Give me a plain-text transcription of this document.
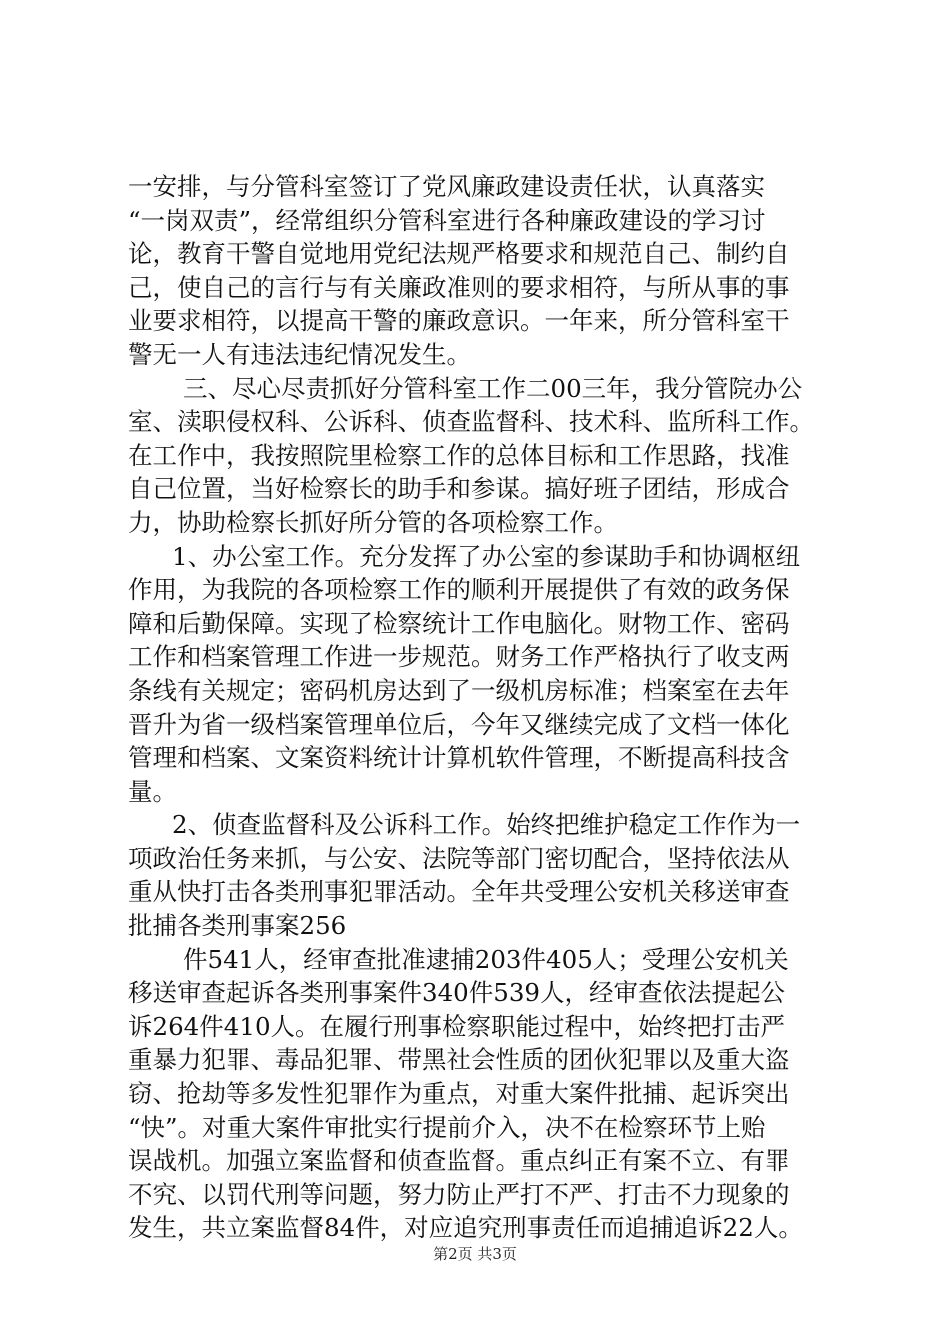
一安排，与分管科室签订了党风廉政建设责任状，认真落实
“一岗双责”，经常组织分管科室进行各种廉政建设的学习讨
论，教育干警自觉地用党纪法规严格要求和规范自己、制约自
己，使自己的言行与有关廉政准则的要求相符，与所从事的事
业要求相符，以提高干警的廉政意识。一年来，所分管科室干
警无一人有违法违纪情况发生。
三、尽心尽责抓好分管科室工作二00三年，我分管院办公
室、渎职侵权科、公诉科、侦查监督科、技术科、监所科工作。
在工作中，我按照院里检察工作的总体目标和工作思路，找准
自己位置，当好检察长的助手和参谋。搞好班子团结，形成合
力，协助检察长抓好所分管的各项检察工作。
1、办公室工作。充分发挥了办公室的参谋助手和协调枢纽
作用，为我院的各项检察工作的顺利开展提供了有效的政务保
障和后勤保障。实现了检察统计工作电脑化。财物工作、密码
工作和档案管理工作进一步规范。财务工作严格执行了收支两
条线有关规定；密码机房达到了一级机房标准；档案室在去年
晋升为省一级档案管理单位后，今年又继续完成了文档一体化
管理和档案、文案资料统计计算机软件管理，不断提高科技含
量。
2、侦查监督科及公诉科工作。始终把维护稳定工作作为一
项政治任务来抓，与公安、法院等部门密切配合，坚持依法从
重从快打击各类刑事犯罪活动。全年共受理公安机关移送审查
批捕各类刑事案256
件541人，经审查批准逮捕203件405人；受理公安机关
移送审查起诉各类刑事案件340件539人，经审查依法提起公
诉264件410人。在履行刑事检察职能过程中，始终把打击严
重暴力犯罪、毒品犯罪、带黑社会性质的团伙犯罪以及重大盗
窃、抢劫等多发性犯罪作为重点，对重大案件批捕、起诉突出
“快”。对重大案件审批实行提前介入，决不在检察环节上贻
误战机。加强立案监督和侦查监督。重点纠正有案不立、有罪
不究、以罚代刑等问题，努力防止严打不严、打击不力现象的
发生，共立案监督84件，对应追究刑事责任而追捕追诉22人。
第2页 共3页
